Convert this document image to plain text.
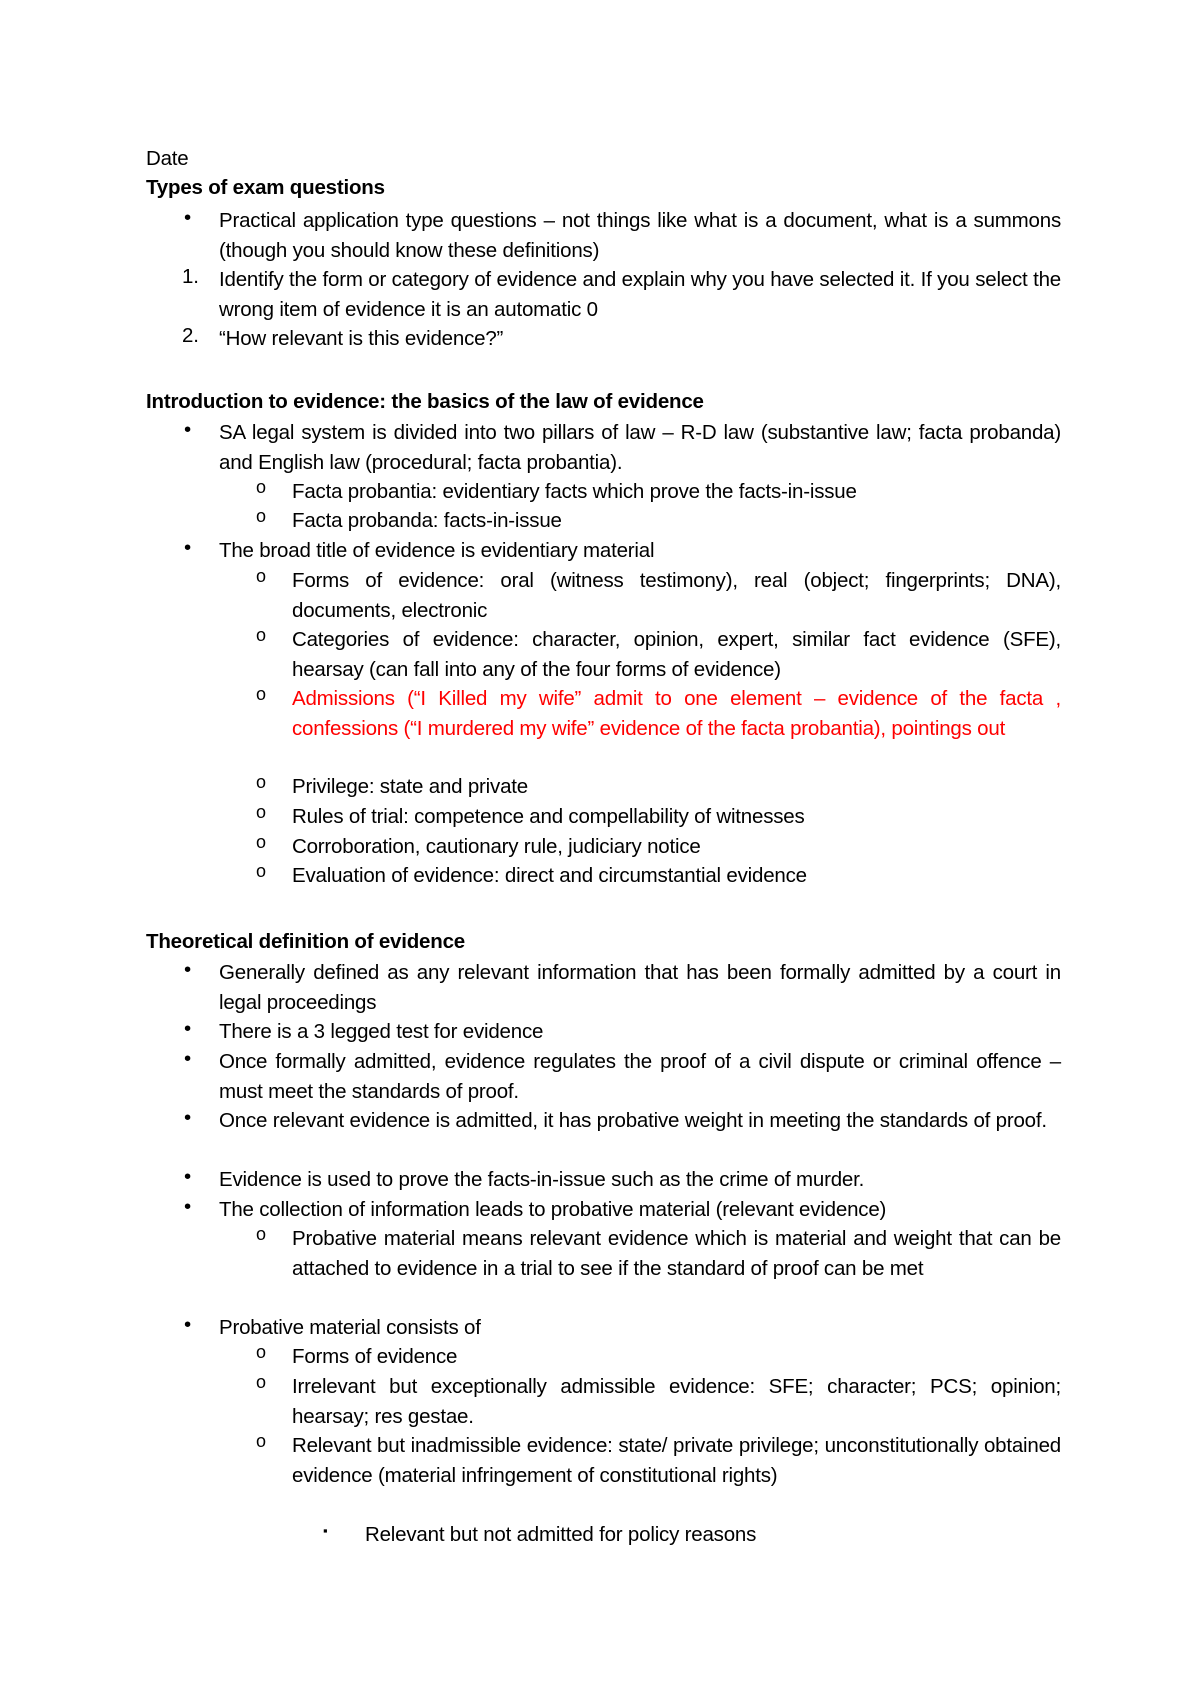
Date
Types of exam questions
• Practical application type questions – not things like what is a document, what is a summons (though you should know these definitions)
1. Identify the form or category of evidence and explain why you have selected it. If you select the wrong item of evidence it is an automatic 0
2. “How relevant is this evidence?”
Introduction to evidence: the basics of the law of evidence
• SA legal system is divided into two pillars of law – R-D law (substantive law; facta probanda) and English law (procedural; facta probantia).
o Facta probantia: evidentiary facts which prove the facts-in-issue
o Facta probanda: facts-in-issue
• The broad title of evidence is evidentiary material
o Forms of evidence: oral (witness testimony), real (object; fingerprints; DNA), documents, electronic
o Categories of evidence: character, opinion, expert, similar fact evidence (SFE), hearsay (can fall into any of the four forms of evidence)
o Admissions (“I Killed my wife” admit to one element – evidence of the facta , confessions (“I murdered my wife” evidence of the facta probantia), pointings out
o Privilege: state and private
o Rules of trial: competence and compellability of witnesses
o Corroboration, cautionary rule, judiciary notice
o Evaluation of evidence: direct and circumstantial evidence
Theoretical definition of evidence
• Generally defined as any relevant information that has been formally admitted by a court in legal proceedings
• There is a 3 legged test for evidence
• Once formally admitted, evidence regulates the proof of a civil dispute or criminal offence – must meet the standards of proof.
• Once relevant evidence is admitted, it has probative weight in meeting the standards of proof.
• Evidence is used to prove the facts-in-issue such as the crime of murder.
• The collection of information leads to probative material (relevant evidence)
o Probative material means relevant evidence which is material and weight that can be attached to evidence in a trial to see if the standard of proof can be met
• Probative material consists of
o Forms of evidence
o Irrelevant but exceptionally admissible evidence: SFE; character; PCS; opinion; hearsay; res gestae.
o Relevant but inadmissible evidence: state/ private privilege; unconstitutionally obtained evidence (material infringement of constitutional rights)
▪ Relevant but not admitted for policy reasons
